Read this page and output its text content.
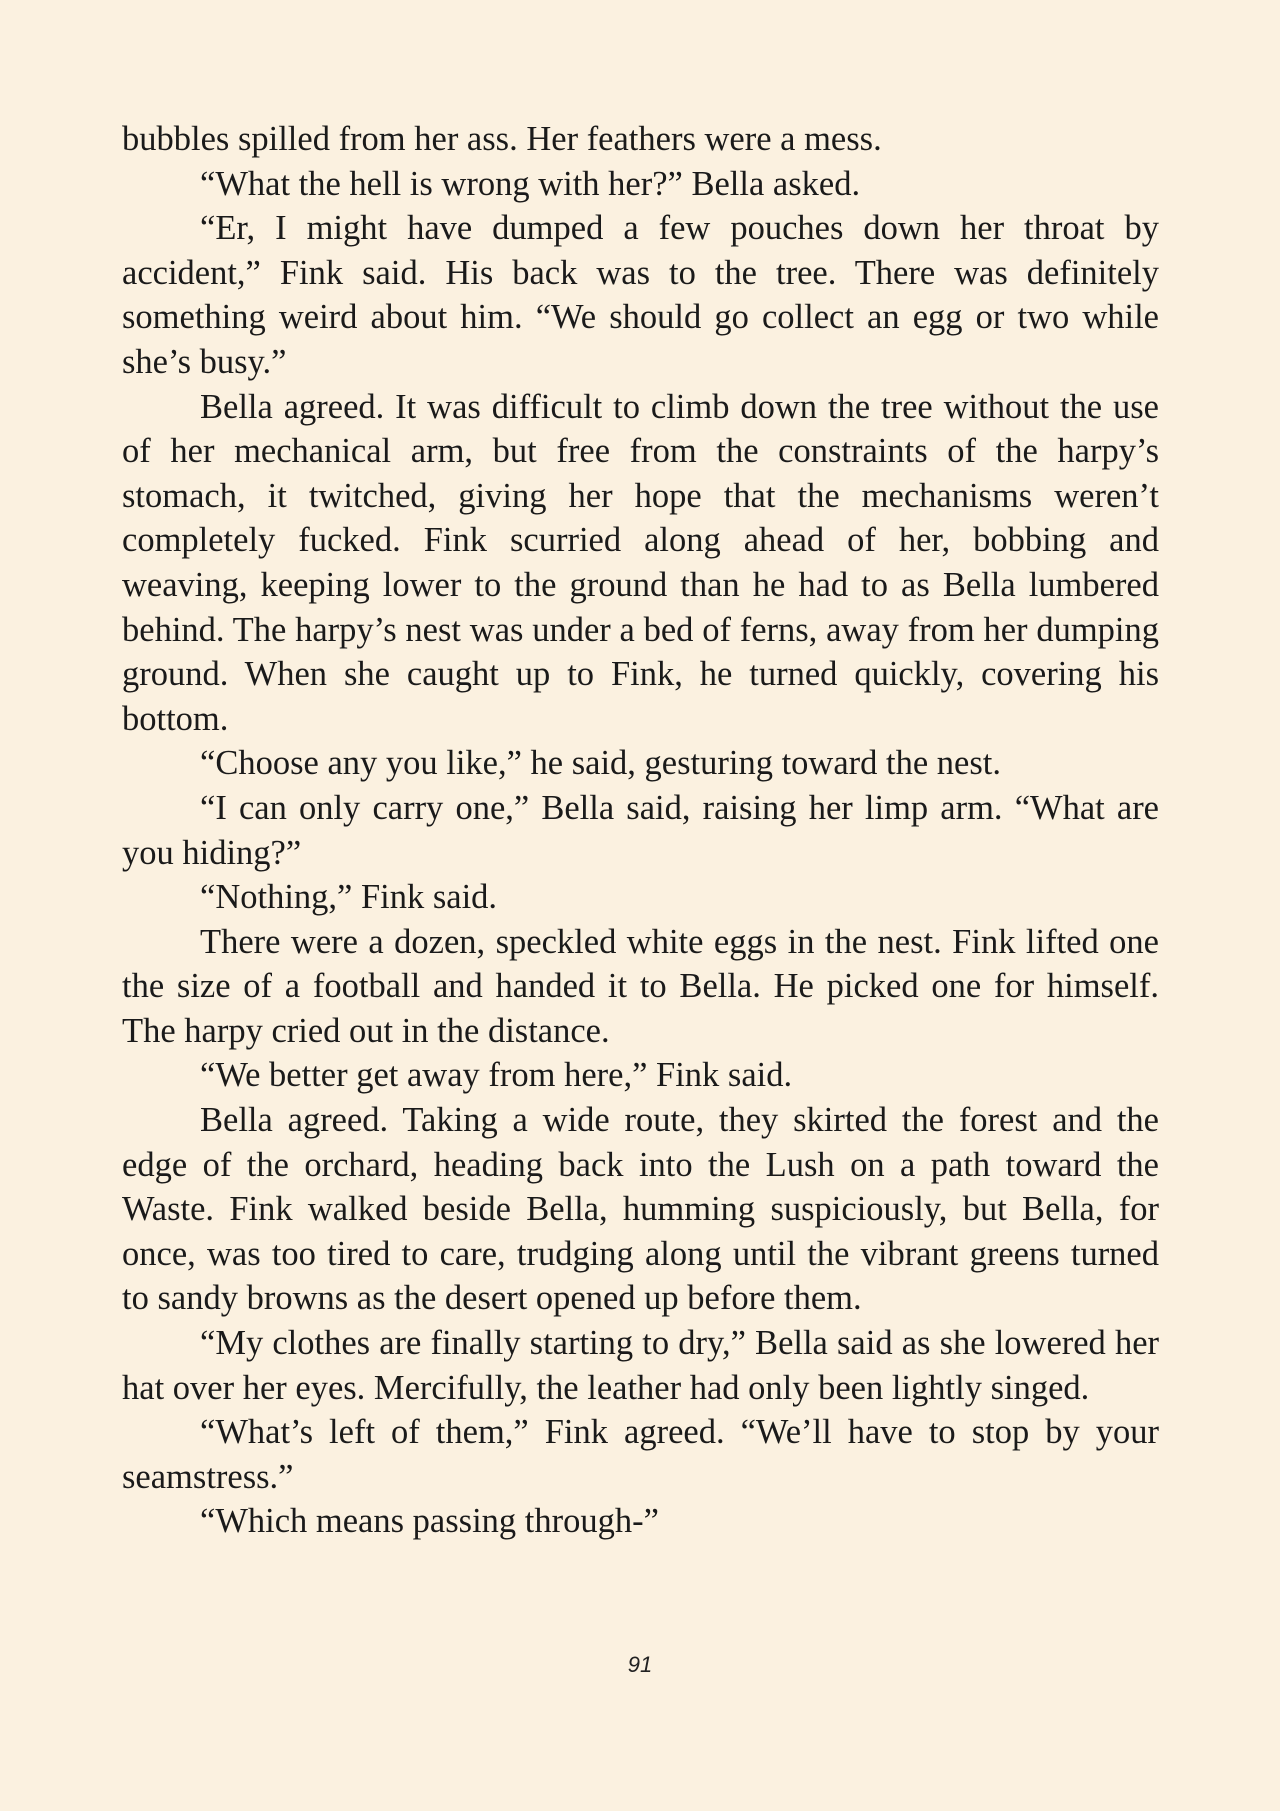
bubbles spilled from her ass. Her feathers were a mess.

“What the hell is wrong with her?” Bella asked.

“Er, I might have dumped a few pouches down her throat by accident,” Fink said. His back was to the tree. There was definitely something weird about him. “We should go collect an egg or two while she’s busy.”

Bella agreed. It was difficult to climb down the tree without the use of her mechanical arm, but free from the constraints of the harpy’s stomach, it twitched, giving her hope that the mechanisms weren’t completely fucked. Fink scurried along ahead of her, bobbing and weaving, keeping lower to the ground than he had to as Bella lumbered behind. The harpy’s nest was under a bed of ferns, away from her dumping ground. When she caught up to Fink, he turned quickly, covering his bottom.

“Choose any you like,” he said, gesturing toward the nest.

“I can only carry one,” Bella said, raising her limp arm. “What are you hiding?”

“Nothing,” Fink said.

There were a dozen, speckled white eggs in the nest. Fink lifted one the size of a football and handed it to Bella. He picked one for himself. The harpy cried out in the distance.

“We better get away from here,” Fink said.

Bella agreed. Taking a wide route, they skirted the forest and the edge of the orchard, heading back into the Lush on a path toward the Waste. Fink walked beside Bella, humming suspiciously, but Bella, for once, was too tired to care, trudging along until the vibrant greens turned to sandy browns as the desert opened up before them.

“My clothes are finally starting to dry,” Bella said as she lowered her hat over her eyes. Mercifully, the leather had only been lightly singed.

“What’s left of them,” Fink agreed. “We’ll have to stop by your seamstress.”

“Which means passing through-”

91
